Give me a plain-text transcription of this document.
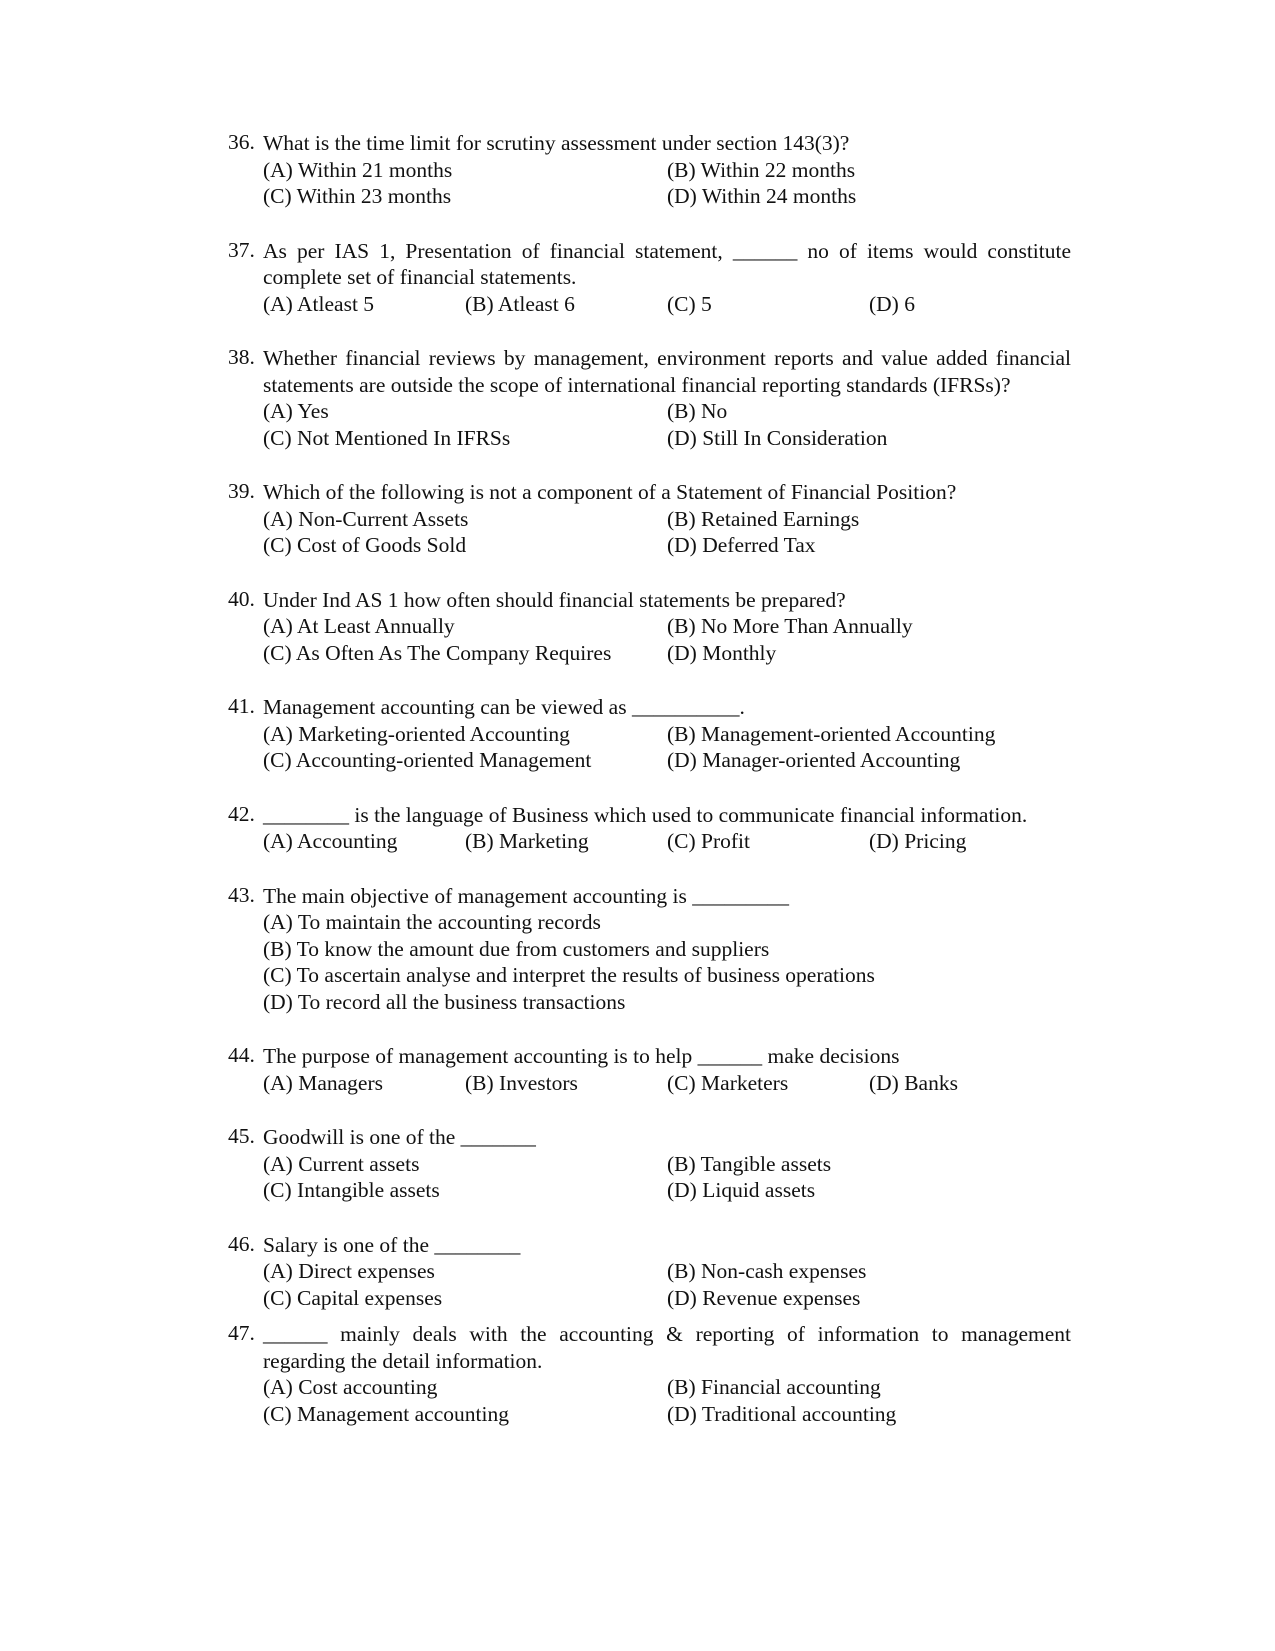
36. What is the time limit for scrutiny assessment under section 143(3)?
(A) Within 21 months	(B) Within 22 months
(C) Within 23 months	(D) Within 24 months
37. As per IAS 1, Presentation of financial statement, ______ no of items would constitute complete set of financial statements.
(A) Atleast 5	(B) Atleast 6	(C) 5	(D) 6
38. Whether financial reviews by management, environment reports and value added financial statements are outside the scope of international financial reporting standards (IFRSs)?
(A) Yes	(B) No
(C) Not Mentioned In IFRSs	(D) Still In Consideration
39. Which of the following is not a component of a Statement of Financial Position?
(A) Non-Current Assets	(B) Retained Earnings
(C) Cost of Goods Sold	(D) Deferred Tax
40. Under Ind AS 1 how often should financial statements be prepared?
(A) At Least Annually	(B) No More Than Annually
(C) As Often As The Company Requires	(D) Monthly
41. Management accounting can be viewed as __________.
(A) Marketing-oriented Accounting	(B) Management-oriented Accounting
(C) Accounting-oriented Management	(D) Manager-oriented Accounting
42. ________ is the language of Business which used to communicate financial information.
(A) Accounting	(B) Marketing	(C) Profit	(D) Pricing
43. The main objective of management accounting is _________
(A) To maintain the accounting records
(B) To know the amount due from customers and suppliers
(C) To ascertain analyse and interpret the results of business operations
(D) To record all the business transactions
44. The purpose of management accounting is to help ______ make decisions
(A) Managers	(B) Investors	(C) Marketers	(D) Banks
45. Goodwill is one of the _______
(A) Current assets	(B) Tangible assets
(C) Intangible assets	(D) Liquid assets
46. Salary is one of the ________
(A) Direct expenses	(B) Non-cash expenses
(C) Capital expenses	(D) Revenue expenses
47. ______ mainly deals with the accounting & reporting of information to management regarding the detail information.
(A) Cost accounting	(B) Financial accounting
(C) Management accounting	(D) Traditional accounting
